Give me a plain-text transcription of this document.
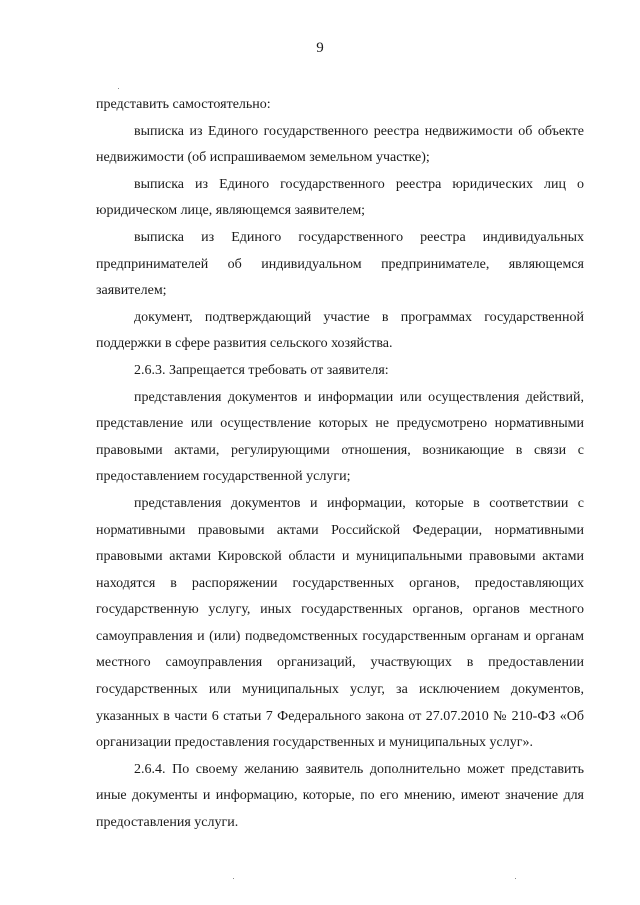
9

представить самостоятельно:

выписка из Единого государственного реестра недвижимости об объекте недвижимости (об испрашиваемом земельном участке);

выписка из Единого государственного реестра юридических лиц о юридическом лице, являющемся заявителем;

выписка из Единого государственного реестра индивидуальных предпринимателей об индивидуальном предпринимателе, являющемся заявителем;

документ, подтверждающий участие в программах государственной поддержки в сфере развития сельского хозяйства.

2.6.3. Запрещается требовать от заявителя:

представления документов и информации или осуществления действий, представление или осуществление которых не предусмотрено нормативными правовыми актами, регулирующими отношения, возникающие в связи с предоставлением государственной услуги;

представления документов и информации, которые в соответствии с нормативными правовыми актами Российской Федерации, нормативными правовыми актами Кировской области и муниципальными правовыми актами находятся в распоряжении государственных органов, предоставляющих государственную услугу, иных государственных органов, органов местного самоуправления и (или) подведомственных государственным органам и органам местного самоуправления организаций, участвующих в предоставлении государственных или муниципальных услуг, за исключением документов, указанных в части 6 статьи 7 Федерального закона от 27.07.2010 № 210-ФЗ «Об организации предоставления государственных и муниципальных услуг».

2.6.4. По своему желанию заявитель дополнительно может представить иные документы и информацию, которые, по его мнению, имеют значение для предоставления услуги.
